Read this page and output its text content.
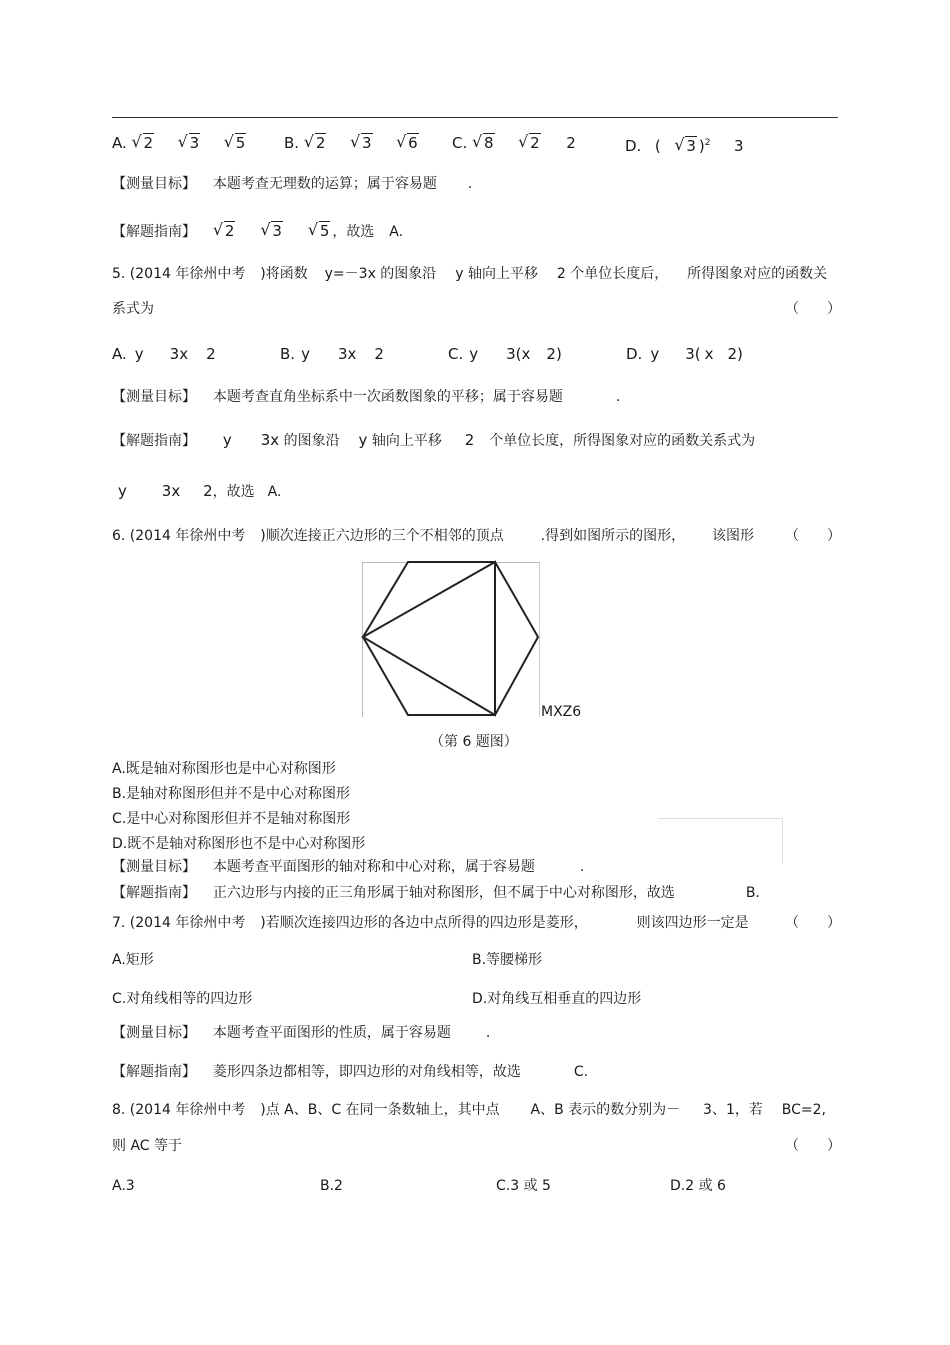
A. √ 2 √ 3 √ 5	B. √ 2 √ 3 √ 6 C. √ 8 √ 2 2	D. ( √ 3 )$^2$ 3
【测量目标】 本题考查无理数的运算；属于容易题 .
【解题指南】 √ 2	√ 3	√ 5 ，故选 A.
5. (2014 年徐州中考 )将函数 y=－3x 的图象沿 y 轴向上平移 2 个单位长度后， 所得图象对应的函数关
系式为	（　　）
A. y 3x 2	B. y 3x 2	C. y 3(x 2)	D. y 3( x 2)
【测量目标】 本题考查直角坐标系中一次函数图象的平移；属于容易题	.
【解题指南】 y 3x 的图象沿 y 轴向上平移 2 个单位长度，所得图象对应的函数关系式为
y 3x 2，故选 A.
6. (2014 年徐州中考 )顺次连接正六边形的三个不相邻的顶点	.得到如图所示的图形， 该图形 （　　）
MXZ6
（第 6 题图）
A.既是轴对称图形也是中心对称图形
B.是轴对称图形但并不是中心对称图形
C.是中心对称图形但并不是轴对称图形
D.既不是轴对称图形也不是中心对称图形
【测量目标】 本题考查平面图形的轴对称和中心对称，属于容易题	.
【解题指南】 正六边形与内接的正三角形属于轴对称图形，但不属于中心对称图形，故选	B.
7. (2014 年徐州中考 )若顺次连接四边形的各边中点所得的四边形是菱形，	则该四边形一定是	（　　）
A.矩形	B.等腰梯形
C.对角线相等的四边形	D.对角线互相垂直的四边形
【测量目标】 本题考查平面图形的性质，属于容易题 .
【解题指南】 菱形四条边都相等，即四边形的对角线相等，故选	C.
8. (2014 年徐州中考 )点 A、B、C 在同一条数轴上，其中点 A、B 表示的数分别为－ 3、1，若 BC=2,
则 AC 等于	（　　）
A.3	B.2	C.3 或 5	D.2 或 6
